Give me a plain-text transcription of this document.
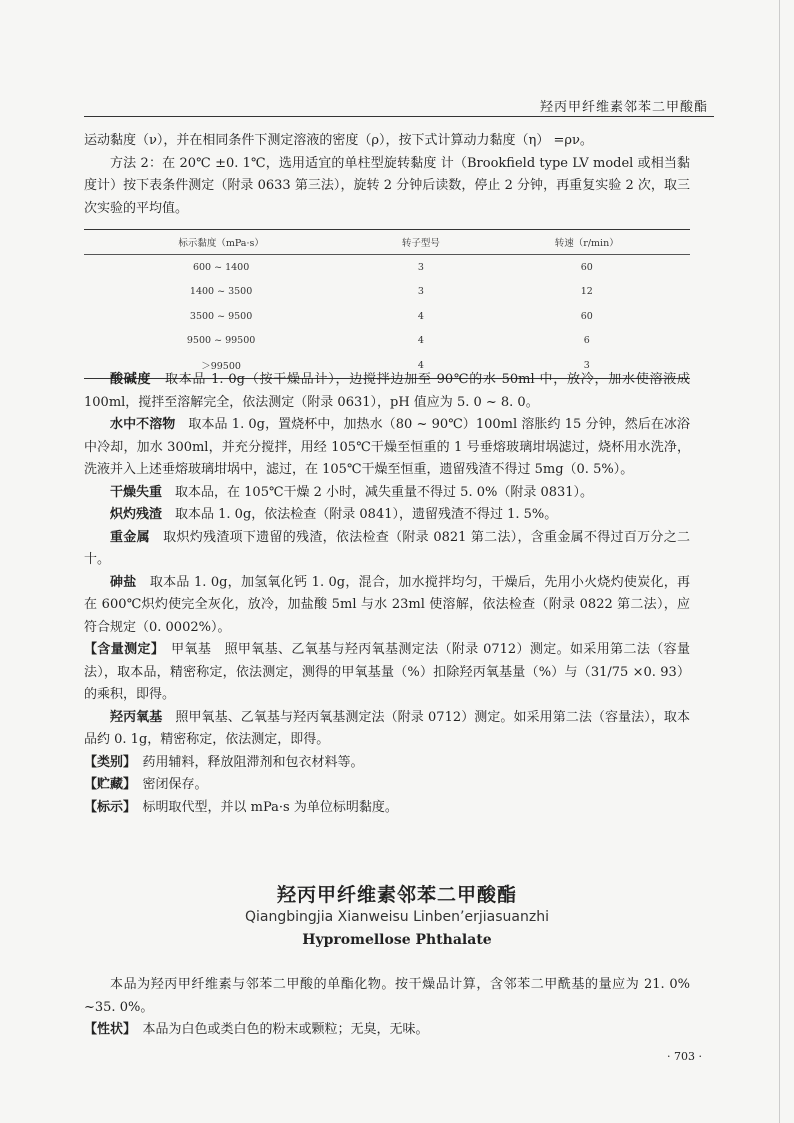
羟丙甲纤维素邻苯二甲酸酯

运动黏度（ν），并在相同条件下测定溶液的密度（ρ），按下式计算动力黏度（η） =ρν。

方法 2：在 20℃ ±0. 1℃，选用适宜的单柱型旋转黏度 计（Brookfield type LV model 或相当黏度计）按下表条件测定（附录 0633 第三法），旋转 2 分钟后读数，停止 2 分钟，再重复实验 2 次，取三次实验的平均值。

标示黏度（mPa·s）	转子型号	转速（r/min）
600 ~ 1400	3	60
1400 ~ 3500	3	12
3500 ~ 9500	4	60
9500 ~ 99500	4	6
＞99500	4	3

酸碱度　取本品 1. 0g（按干燥品计），边搅拌边加至 90℃的水 50ml 中，放冷，加水使溶液成 100ml，搅拌至溶解完全，依法测定（附录 0631），pH 值应为 5. 0 ~ 8. 0。

水中不溶物　取本品 1. 0g，置烧杯中，加热水（80 ~ 90℃）100ml 溶胀约 15 分钟，然后在冰浴中冷却，加水 300ml，并充分搅拌，用经 105℃干燥至恒重的 1 号垂熔玻璃坩埚滤过，烧杯用水洗净，洗液并入上述垂熔玻璃坩埚中，滤过，在 105℃干燥至恒重，遗留残渣不得过 5mg（0. 5%）。

干燥失重　取本品，在 105℃干燥 2 小时，减失重量不得过 5. 0%（附录 0831）。

炽灼残渣　取本品 1. 0g，依法检查（附录 0841），遗留残渣不得过 1. 5%。

重金属　取炽灼残渣项下遗留的残渣，依法检查（附录 0821 第二法），含重金属不得过百万分之二十。

砷盐　取本品 1. 0g，加氢氧化钙 1. 0g，混合，加水搅拌均匀，干燥后，先用小火烧灼使炭化，再在 600℃炽灼使完全灰化，放冷，加盐酸 5ml 与水 23ml 使溶解，依法检查（附录 0822 第二法），应符合规定（0. 0002%）。

【含量测定】　甲氧基　照甲氧基、乙氧基与羟丙氧基测定法（附录 0712）测定。如采用第二法（容量法），取本品，精密称定，依法测定，测得的甲氧基量（%）扣除羟丙氧基量（%）与（31/75 ×0. 93）的乘积，即得。

羟丙氧基　照甲氧基、乙氧基与羟丙氧基测定法（附录 0712）测定。如采用第二法（容量法），取本品约 0. 1g，精密称定，依法测定，即得。

【类别】　药用辅料，释放阻滞剂和包衣材料等。

【贮藏】　密闭保存。

【标示】　标明取代型，并以 mPa·s 为单位标明黏度。

羟丙甲纤维素邻苯二甲酸酯
Qiangbingjia Xianweisu Linben’erjiasuanzhi
Hypromellose Phthalate

本品为羟丙甲纤维素与邻苯二甲酸的单酯化物。按干燥品计算，含邻苯二甲酰基的量应为 21. 0% ~35. 0%。

【性状】　本品为白色或类白色的粉末或颗粒；无臭，无味。

· 703 ·
